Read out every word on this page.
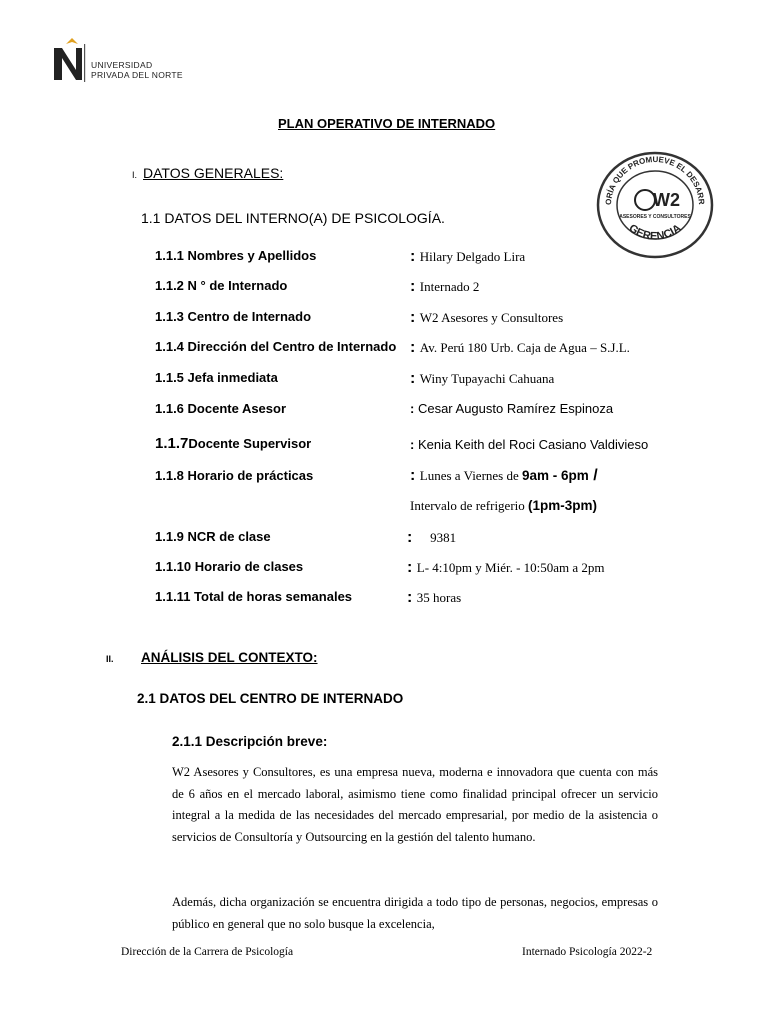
UNIVERSIDAD
PRIVADA DEL NORTE
ORÍA QUE PROMUEVE EL DESARR
GERENCIA
W2
ASESORES Y CONSULTORES
PLAN OPERATIVO DE INTERNADO
I. DATOS GENERALES:
1.1 DATOS DEL INTERNO(A) DE PSICOLOGÍA.
1.1.1 Nombres y Apellidos	: Hilary Delgado Lira
1.1.2 N ° de Internado	: Internado 2
1.1.3 Centro de Internado	: W2 Asesores y Consultores
1.1.4 Dirección del Centro de Internado : Av. Perú 180 Urb. Caja de Agua – S.J.L.
1.1.5 Jefa inmediata	: Winy Tupayachi Cahuana
1.1.6 Docente Asesor	: Cesar Augusto Ramírez Espinoza
1.1.7Docente Supervisor	: Kenia Keith del Roci Casiano Valdiviesо
1.1.8 Horario de prácticas	: Lunes a Viernes de 9am - 6pm /
Intervalo de refrigerio (1pm-3pm)
1.1.9 NCR de clase	:    9381
1.1.10 Horario de clases	: L- 4:10pm y Miér. - 10:50am a 2pm
1.1.11 Total de horas semanales	: 35 horas
II. ANÁLISIS DEL CONTEXTO:
2.1 DATOS DEL CENTRO DE INTERNADO
2.1.1 Descripción breve:
W2 Asesores y Consultores, es una empresa nueva, moderna e innovadora que cuenta con más de 6 años en el mercado laboral, asimismo tiene como finalidad principal ofrecer un servicio integral a la medida de las necesidades del mercado empresarial, por medio de la asistencia o servicios de Consultoría y Outsourcing en la gestión del talento humano.
Además, dicha organización se encuentra dirigida a todo tipo de personas, negocios, empresas o público en general que no solo busque la excelencia,
Dirección de la Carrera de Psicología	Internado Psicología 2022-2
